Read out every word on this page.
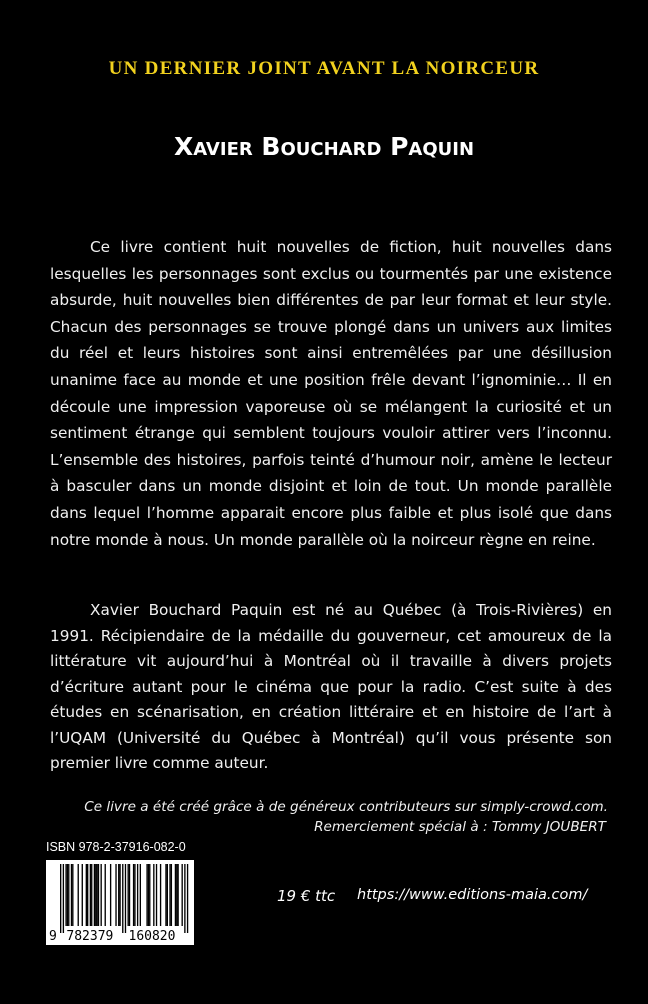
UN DERNIER JOINT AVANT LA NOIRCEUR
Xavier Bouchard Paquin
Ce livre contient huit nouvelles de fiction, huit nouvelles dans lesquelles les personnages sont exclus ou tourmentés par une existence absurde, huit nouvelles bien différentes de par leur format et leur style. Chacun des personnages se trouve plongé dans un univers aux limites du réel et leurs histoires sont ainsi entremêlées par une désillusion unanime face au monde et une position frêle devant l’ignominie… Il en découle une impression vaporeuse où se mélangent la curiosité et un sentiment étrange qui semblent toujours vouloir attirer vers l’inconnu. L’ensemble des histoires, parfois teinté d’humour noir, amène le lecteur à basculer dans un monde disjoint et loin de tout. Un monde parallèle dans lequel l’homme apparait encore plus faible et plus isolé que dans notre monde à nous. Un monde parallèle où la noirceur règne en reine.
Xavier Bouchard Paquin est né au Québec (à Trois-Rivières) en 1991. Récipiendaire de la médaille du gouverneur, cet amoureux de la littérature vit aujourd’hui à Montréal où il travaille à divers projets d’écriture autant pour le cinéma que pour la radio. C’est suite à des études en scénarisation, en création littéraire et en histoire de l’art à l’UQAM (Université du Québec à Montréal) qu’il vous présente son premier livre comme auteur.
Ce livre a été créé grâce à de généreux contributeurs sur simply-crowd.com.
Remerciement spécial à : Tommy JOUBERT
ISBN 978-2-37916-082-0
9 782379 160820
19 € ttc https://www.editions-maia.com/
